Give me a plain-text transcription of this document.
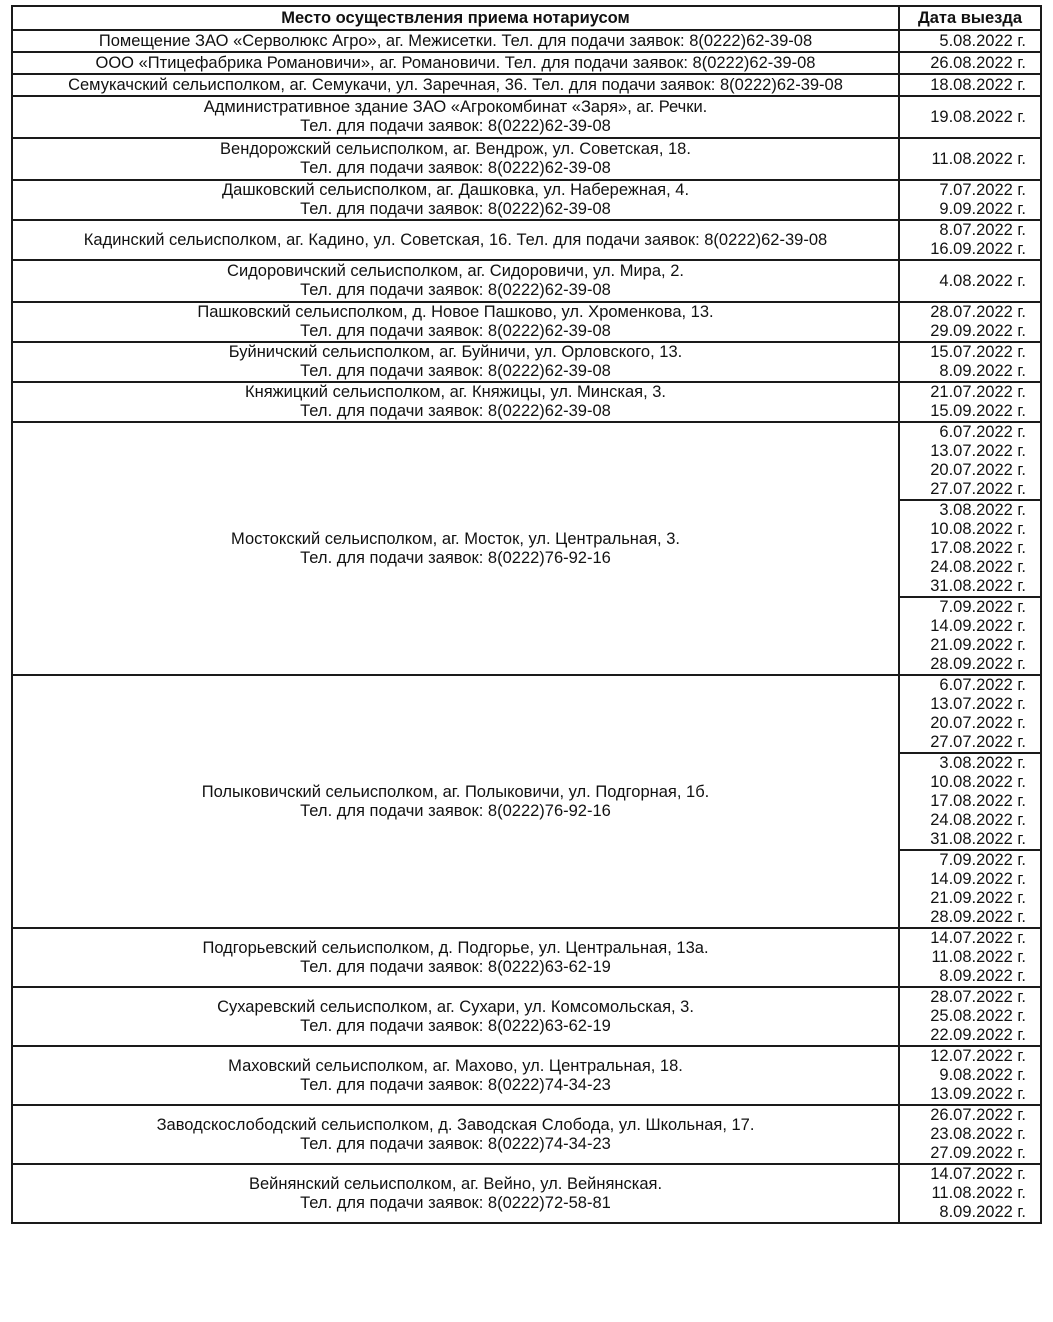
Место осуществления приема нотариусом	Дата выезда

Помещение ЗАО «Серволюкс Агро», аг. Межисетки. Тел. для подачи заявок: 8(0222)62-39-08	5.08.2022 г.

ООО «Птицефабрика Романовичи», аг. Романовичи. Тел. для подачи заявок: 8(0222)62-39-08	26.08.2022 г.

Семукачский сельисполком, аг. Семукачи, ул. Заречная, 36. Тел. для подачи заявок: 8(0222)62-39-08	18.08.2022 г.

Административное здание ЗАО «Агрокомбинат «Заря», аг. Речки.
Тел. для подачи заявок: 8(0222)62-39-08	19.08.2022 г.

Вендорожский сельисполком, аг. Вендрож, ул. Советская, 18.
Тел. для подачи заявок: 8(0222)62-39-08	11.08.2022 г.

Дашковский сельисполком, аг. Дашковка, ул. Набережная, 4.
Тел. для подачи заявок: 8(0222)62-39-08	7.07.2022 г.
9.09.2022 г.

Кадинский сельисполком, аг. Кадино, ул. Советская, 16. Тел. для подачи заявок: 8(0222)62-39-08	8.07.2022 г.
16.09.2022 г.

Сидоровичский сельисполком, аг. Сидоровичи, ул. Мира, 2.
Тел. для подачи заявок: 8(0222)62-39-08	4.08.2022 г.

Пашковский сельисполком, д. Новое Пашково, ул. Хроменкова, 13.
Тел. для подачи заявок: 8(0222)62-39-08	28.07.2022 г.
29.09.2022 г.

Буйничский сельисполком, аг. Буйничи, ул. Орловского, 13.
Тел. для подачи заявок: 8(0222)62-39-08	15.07.2022 г.
8.09.2022 г.

Княжицкий сельисполком, аг. Княжицы, ул. Минская, 3.
Тел. для подачи заявок: 8(0222)62-39-08	21.07.2022 г.
15.09.2022 г.

Мостокский сельисполком, аг. Мосток, ул. Центральная, 3.
Тел. для подачи заявок: 8(0222)76-92-16	6.07.2022 г.
13.07.2022 г.
20.07.2022 г.
27.07.2022 г.

	3.08.2022 г.
10.08.2022 г.
17.08.2022 г.
24.08.2022 г.
31.08.2022 г.

	7.09.2022 г.
14.09.2022 г.
21.09.2022 г.
28.09.2022 г.

Полыковичский сельисполком, аг. Полыковичи, ул. Подгорная, 1б.
Тел. для подачи заявок: 8(0222)76-92-16	6.07.2022 г.
13.07.2022 г.
20.07.2022 г.
27.07.2022 г.

	3.08.2022 г.
10.08.2022 г.
17.08.2022 г.
24.08.2022 г.
31.08.2022 г.

	7.09.2022 г.
14.09.2022 г.
21.09.2022 г.
28.09.2022 г.

Подгорьевский сельисполком, д. Подгорье, ул. Центральная, 13а.
Тел. для подачи заявок: 8(0222)63-62-19	14.07.2022 г.
11.08.2022 г.
8.09.2022 г.

Сухаревский сельисполком, аг. Сухари, ул. Комсомольская, 3.
Тел. для подачи заявок: 8(0222)63-62-19	28.07.2022 г.
25.08.2022 г.
22.09.2022 г.

Маховский сельисполком, аг. Махово, ул. Центральная, 18.
Тел. для подачи заявок: 8(0222)74-34-23	12.07.2022 г.
9.08.2022 г.
13.09.2022 г.

Заводскослободский сельисполком, д. Заводская Слобода, ул. Школьная, 17.
Тел. для подачи заявок: 8(0222)74-34-23	26.07.2022 г.
23.08.2022 г.
27.09.2022 г.

Вейнянский сельисполком, аг. Вейно, ул. Вейнянская.
Тел. для подачи заявок: 8(0222)72-58-81	14.07.2022 г.
11.08.2022 г.
8.09.2022 г.
